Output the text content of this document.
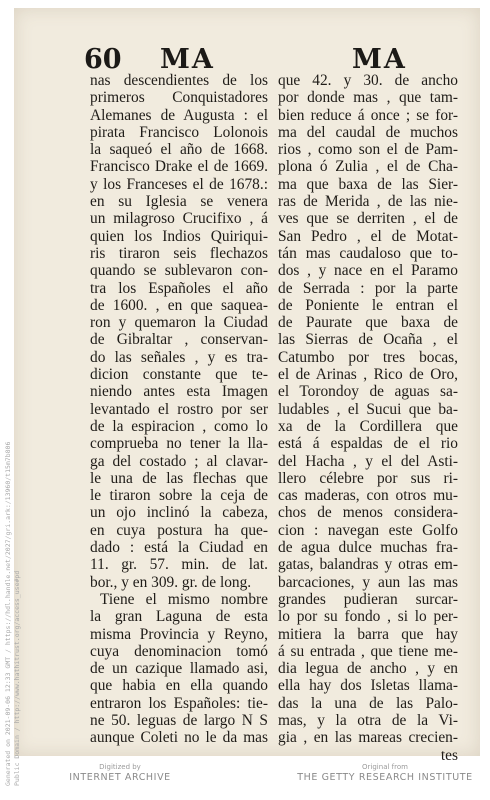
60 MA	MA
nas descendientes de los
primeros Conquistadores
Alemanes de Augusta : el
pirata Francisco Lolonois
la saqueó el año de 1668.
Francisco Drake el de 1669.
y los Franceses el de 1678.:
en su Iglesia se venera
un milagroso Crucifixo , á
quien los Indios Quiriqui-
ris tiraron seis flechazos
quando se sublevaron con-
tra los Españoles el año
de 1600. , en que saquea-
ron y quemaron la Ciudad
de Gibraltar , conservan-
do las señales , y es tra-
dicion constante que te-
niendo antes esta Imagen
levantado el rostro por ser
de la espiracion , como lo
comprueba no tener la lla-
ga del costado ; al clavar-
le una de las flechas que
le tiraron sobre la ceja de
un ojo inclinó la cabeza,
en cuya postura ha que-
dado : está la Ciudad en
11. gr. 57. min. de lat.
bor., y en 309. gr. de long.
Tiene el mismo nombre
la gran Laguna de esta
misma Provincia y Reyno,
cuya denominacion tomó
de un cazique llamado asi,
que habia en ella quando
entraron los Españoles: tie-
ne 50. leguas de largo N S
aunque Coleti no le da mas
que 42. y 30. de ancho
por donde mas , que tam-
bien reduce á once ; se for-
ma del caudal de muchos
rios , como son el de Pam-
plona ó Zulia , el de Cha-
ma que baxa de las Sier-
ras de Merida , de las nie-
ves que se derriten , el de
San Pedro , el de Motat-
tán mas caudaloso que to-
dos , y nace en el Paramo
de Serrada : por la parte
de Poniente le entran el
de Paurate que baxa de
las Sierras de Ocaña , el
Catumbo por tres bocas,
el de Arinas , Rico de Oro,
el Torondoy de aguas sa-
ludables , el Sucui que ba-
xa de la Cordillera que
está á espaldas de el rio
del Hacha , y el del Asti-
llero célebre por sus ri-
cas maderas, con otros mu-
chos de menos considera-
cion : navegan este Golfo
de agua dulce muchas fra-
gatas, balandras y otras em-
barcaciones, y aun las mas
grandes pudieran surcar-
lo por su fondo , si lo per-
mitiera la barra que hay
á su entrada , que tiene me-
dia legua de ancho , y en
ella hay dos Isletas llama-
das la una de las Palo-
mas, y la otra de la Vi-
gia , en las mareas crecien-
tes
Generated on 2021-09-06 12:33 GMT / https://hdl.handle.net/2027/gri.ark:/13960/t15m7b806 Public Domain / http://www.hathitrust.org/access_use#pd	Digitized by
INTERNET ARCHIVE
Original from
THE GETTY RESEARCH INSTITUTE
